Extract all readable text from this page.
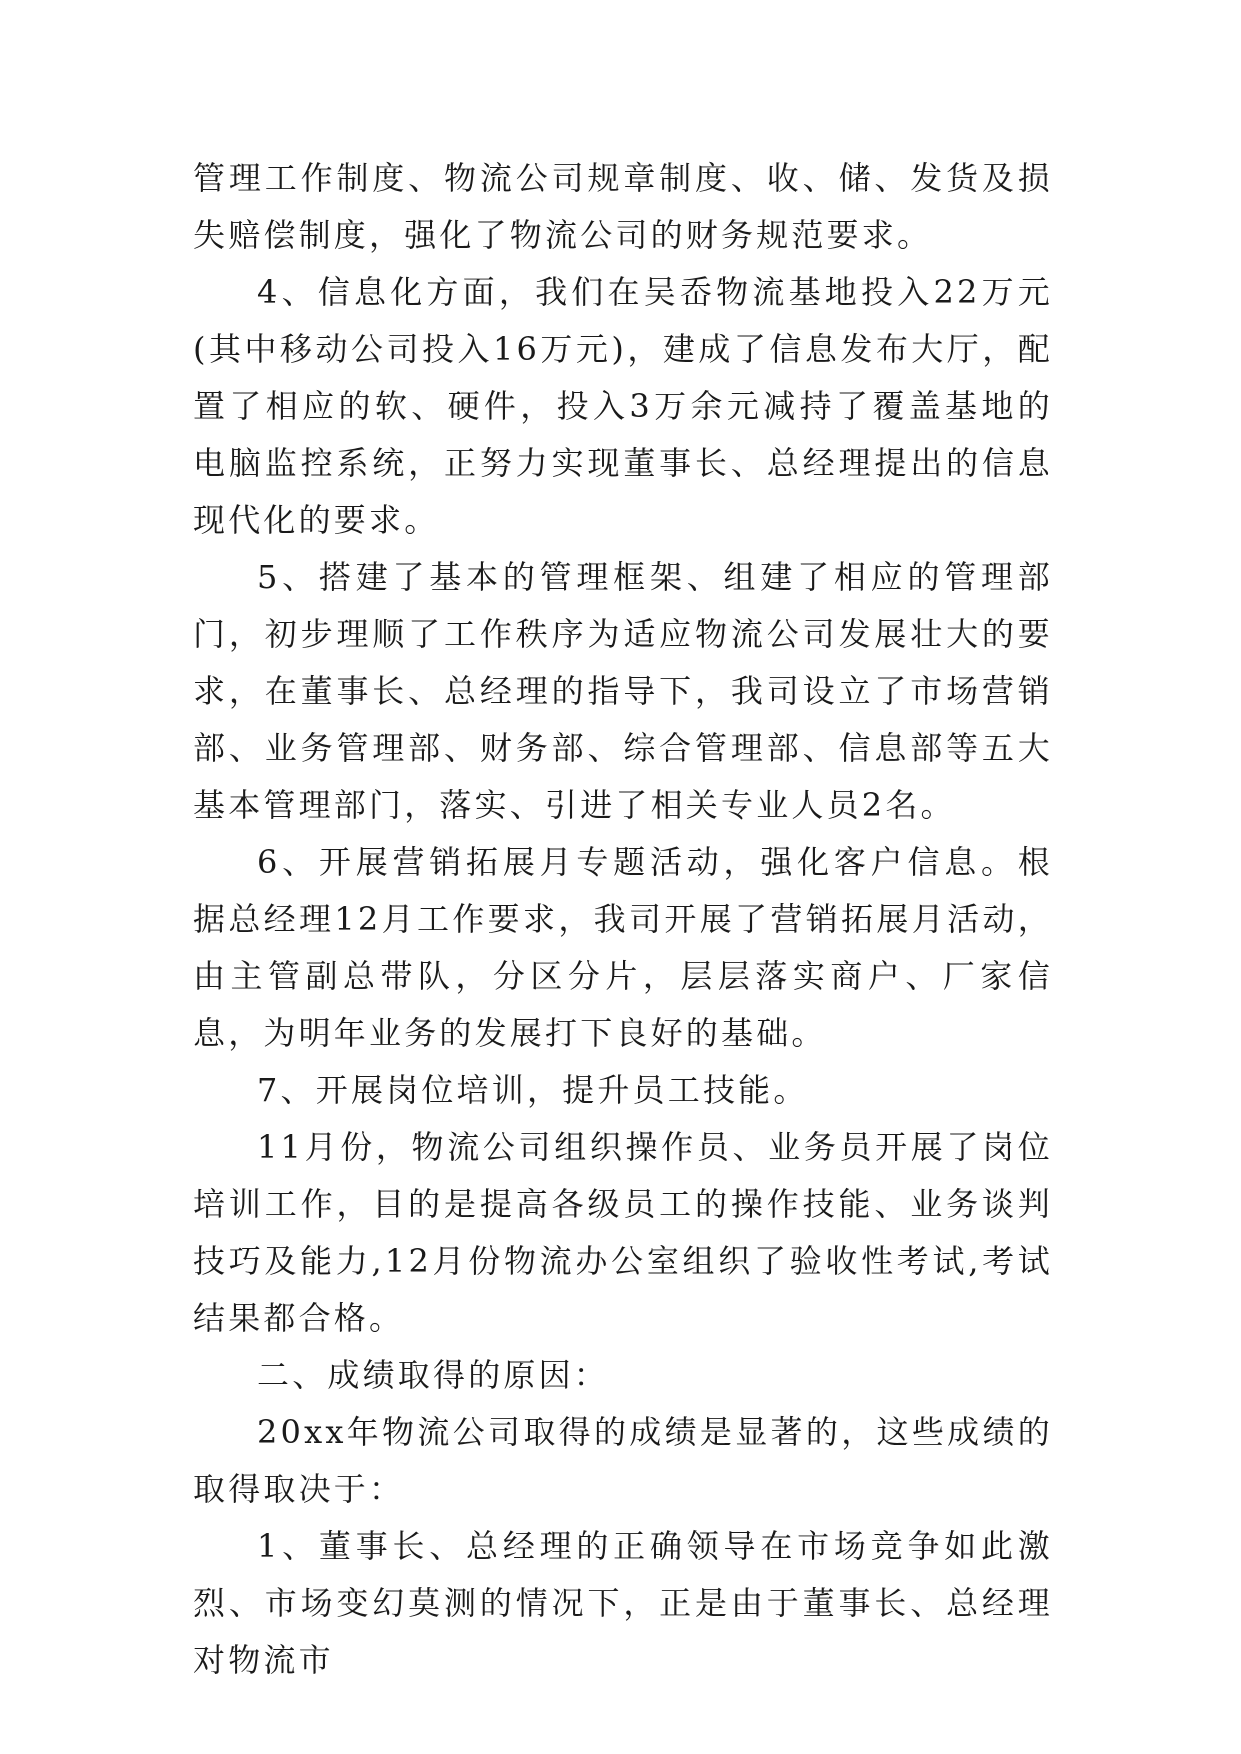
管理工作制度、物流公司规章制度、收、储、发货及损失赔偿制度，强化了物流公司的财务规范要求。

4、信息化方面，我们在吴岙物流基地投入22万元(其中移动公司投入16万元)，建成了信息发布大厅，配置了相应的软、硬件，投入3万余元减持了覆盖基地的电脑监控系统，正努力实现董事长、总经理提出的信息现代化的要求。

5、搭建了基本的管理框架、组建了相应的管理部门，初步理顺了工作秩序为适应物流公司发展壮大的要求，在董事长、总经理的指导下，我司设立了市场营销部、业务管理部、财务部、综合管理部、信息部等五大基本管理部门，落实、引进了相关专业人员2名。

6、开展营销拓展月专题活动，强化客户信息。根据总经理12月工作要求，我司开展了营销拓展月活动，由主管副总带队，分区分片，层层落实商户、厂家信息，为明年业务的发展打下良好的基础。

7、开展岗位培训，提升员工技能。

11月份，物流公司组织操作员、业务员开展了岗位培训工作，目的是提高各级员工的操作技能、业务谈判技巧及能力,12月份物流办公室组织了验收性考试,考试结果都合格。

二、成绩取得的原因：

20xx年物流公司取得的成绩是显著的，这些成绩的取得取决于：

1、董事长、总经理的正确领导在市场竞争如此激烈、市场变幻莫测的情况下，正是由于董事长、总经理对物流市
